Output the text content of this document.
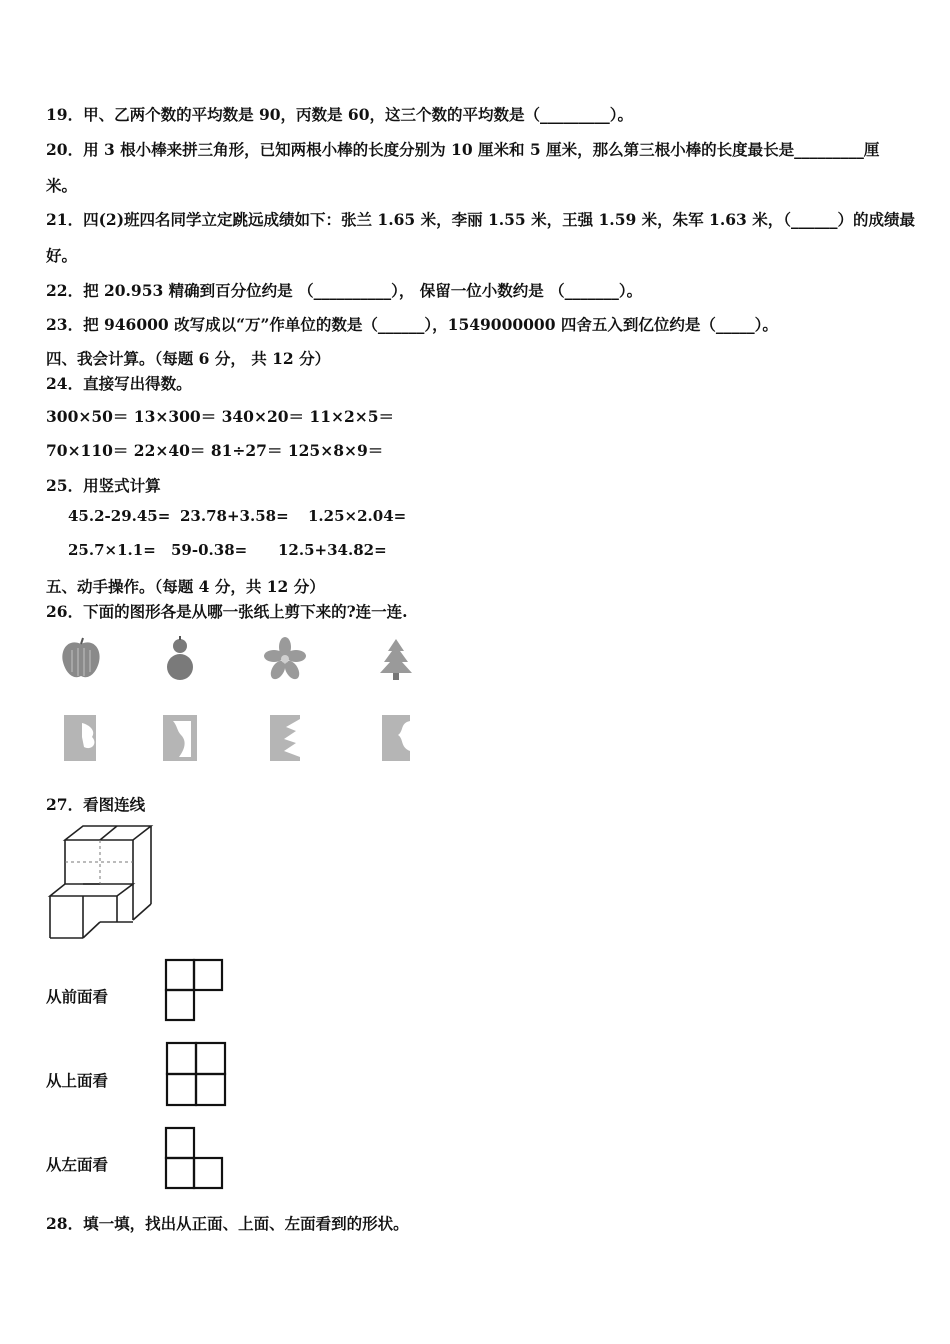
19．甲、乙两个数的平均数是 90，丙数是 60，这三个数的平均数是（_________）。
20．用 3 根小棒来拼三角形，已知两根小棒的长度分别为 10 厘米和 5 厘米，那么第三根小棒的长度最长是_________厘
米。
21．四(2)班四名同学立定跳远成绩如下：张兰 1.65 米，李丽 1.55 米，王强 1.59 米，朱军 1.63 米，（______）的成绩最
好。
22．把 20.953 精确到百分位约是 （__________）， 保留一位小数约是 （_______）。
23．把 946000 改写成以“万”作单位的数是（______），1549000000 四舍五入到亿位约是（_____）。
四、我会计算。（每题 6 分， 共 12 分）
24．直接写出得数。
300×50＝ 13×300＝ 340×20＝ 11×2×5＝
70×110＝ 22×40＝ 81÷27＝ 125×8×9＝
25．用竖式计算
45.2-29.45= 23.78+3.58= 1.25×2.04=
25.7×1.1= 59-0.38= 12.5+34.82=
五、动手操作。（每题 4 分，共 12 分）
26．下面的图形各是从哪一张纸上剪下来的?连一连.
27．看图连线
从前面看
从上面看
从左面看
28．填一填，找出从正面、上面、左面看到的形状。
